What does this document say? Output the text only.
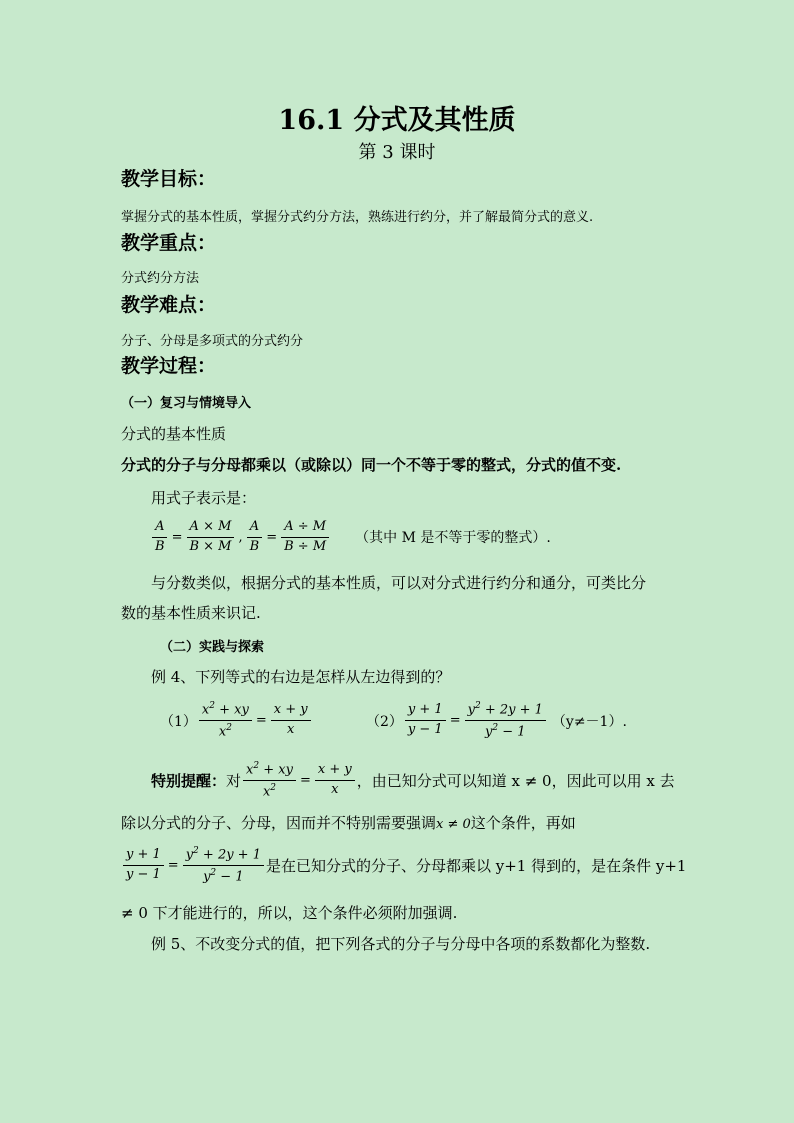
16.1 分式及其性质
第 3 课时
教学目标：
掌握分式的基本性质，掌握分式约分方法，熟练进行约分，并了解最简分式的意义.
教学重点：
分式约分方法
教学难点：
分子、分母是多项式的分式约分
教学过程：
（一）复习与情境导入
分式的基本性质
分式的分子与分母都乘以（或除以）同一个不等于零的整式，分式的值不变.
用式子表示是：
$\frac{A}{B} = \frac{A \times M}{B \times M}$ , $\frac{A}{B} = \frac{A \div M}{B \div M}$ （其中 M 是不等于零的整式）.
与分数类似，根据分式的基本性质，可以对分式进行约分和通分，可类比分
数的基本性质来识记.
（二）实践与探索
例 4、下列等式的右边是怎样从左边得到的？
$(1) \frac{x^2 + xy}{x^2} = \frac{x + y}{x}$	$(2) \frac{y + 1}{y - 1} = \frac{y^2 + 2y + 1}{y^2 - 1} (y\ne-1)$.
特别提醒： 对 $\frac{x^2 + xy}{x^2} = \frac{x + y}{x}$ ，由已知分式可以知道 x ≠ 0，因此可以用 x 去
除以分式的分子、分母，因而并不特别需要强调x ≠ 0这个条件，再如
$\frac{y + 1}{y - 1} = \frac{y^2 + 2y + 1}{y^2 - 1}$ 是在已知分式的分子、分母都乘以 y+1 得到的，是在条件 y+1
≠ 0 下才能进行的，所以，这个条件必须附加强调.
例 5、不改变分式的值，把下列各式的分子与分母中各项的系数都化为整数.
